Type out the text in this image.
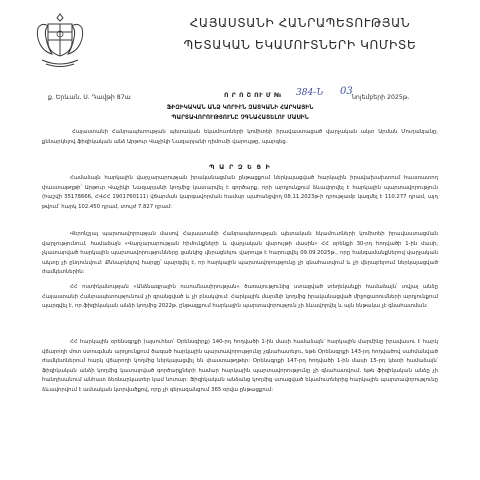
ՀԱՅԱՍՏԱՆԻ ՀԱՆՐԱՊԵՏՈՒԹՅԱՆ
ՊԵՏԱԿԱՆ ԵԿԱՄՈՒՏՆԵՐԻ ԿՈՄԻՏԵ
ք. Երևան, Ս. Դավթի 87ա	Ո Ր Ո Շ ՈՒ Մ № 384-Ն 03
նոյեմբերի 2025թ.
ՖԻԶԻԿԱԿԱՆ ԱՆՁ ԿՈՐԻՒՆ ԶԱՏԿԱՆԻ ՀԱՐԿԱՅԻՆ
ՊԱՐՏԱՎՈՐՈՒԹՅՈՒՆԸ ՉԳՆԱՀԱՏԵԼՈՒ ՄԱՍԻՆ

Հայաստանի Հանրապետության պետական եկամուտների կոմիտեի իրավաստացած վարչական ակտ Արման Մուղանյանը, քննարկելով ֆիզիկական անձ Արթուր Վաչիկի Նազարյանի դիմումի վարույթը, պարզեց.

Պ Ա Ր Զ Ե Ց Ի

Համաձայն հարկային վարչարարության իրականացման ընթացքում ներկայացված հարկային իրավախախտում հաստատող փաստաթղթի՝ Արթուր Վաչիկի Նազարյանի կողմից կատարվել է գործարք, որի արդյունքում ձևավորվել է հարկային պարտավորություն (հաշվի 35178666, ՀՎՀՀ 1901760111) վճարման կարգավորման համար պահանջվող 08.11.2023թ-ի դրությամբ կազմել է 110.277 դրամ, այդ թվում՝ հարկ 102.450 դրամ, տույժ 7.827 դրամ:

Վերոնշյալ պարտավորության մասով Հայաստանի Հանրապետության պետական եկամուտների կոմիտեի իրավաստացման վարչությունում, համաձայն «Վարչարարության հիմունքների և վարչական վարույթի մասին» ՀՀ օրենքի 30-րդ հոդվածի 1-ին մասի, չկատարված հարկային պարտավորությունները ցանկից վերացնելու վարույթ է հարուցվել 09.09.2025թ., որը հանգամանքներով վարչական ակտը չի ընդունվում: Քննարկելով հարցը՝ պարզվել է, որ հարկային պարտավորությունը չի գնահատվում և չի վերաբերում ներկայացված ժամկետներին:

ՀՀ ոստիկանության «Անձնագրային ուսումնասիրության» ծառայությունից ստացված տեղեկանքի համաձայն՝ տվյալ անձը Հայաստանի Հանրապետությունում չի գրանցված և չի բնակվում: Հարկային մարմնի կողմից իրականացված միջոցառումների արդյունքում պարզվել է, որ ֆիզիկական անձի կողմից 2022թ. ընթացքում հարկային պարտավորություն չի ձևավորվել և այն ենթակա չէ գնահատման:

ՀՀ հարկային օրենսգրքի (այսուհետ՝ Օրենսգիրք) 140-րդ հոդվածի 1-ին մասի համաձայն՝ հարկային մարմինը իրավասու է հարկ վճարողի մոտ ստուգման արդյունքում ծագած հարկային պարտավորությունը չգնահատելու, եթե Օրենսգրքի 143-րդ հոդվածով սահմանված ժամկետներում հարկ վճարողի կողմից ներկայացվել են փաստաթղթեր: Օրենսգրքի 147-րդ հոդվածի 1-ին մասի 15-րդ կետի համաձայն՝ ֆիզիկական անձի կողմից կատարված գործարքների համար հարկային պարտավորությունը չի գնահատվում, եթե ֆիզիկական անձը չի հանդիսանում անհատ ձեռնարկատեր կամ նոտար: Ֆիզիկական անձանց կողմից ստացված եկամուտներից հարկային պարտավորությունը ձևավորվում է ամսական կտրվածքով, որը չի գերազանցում 365 օրվա ընթացքում:
